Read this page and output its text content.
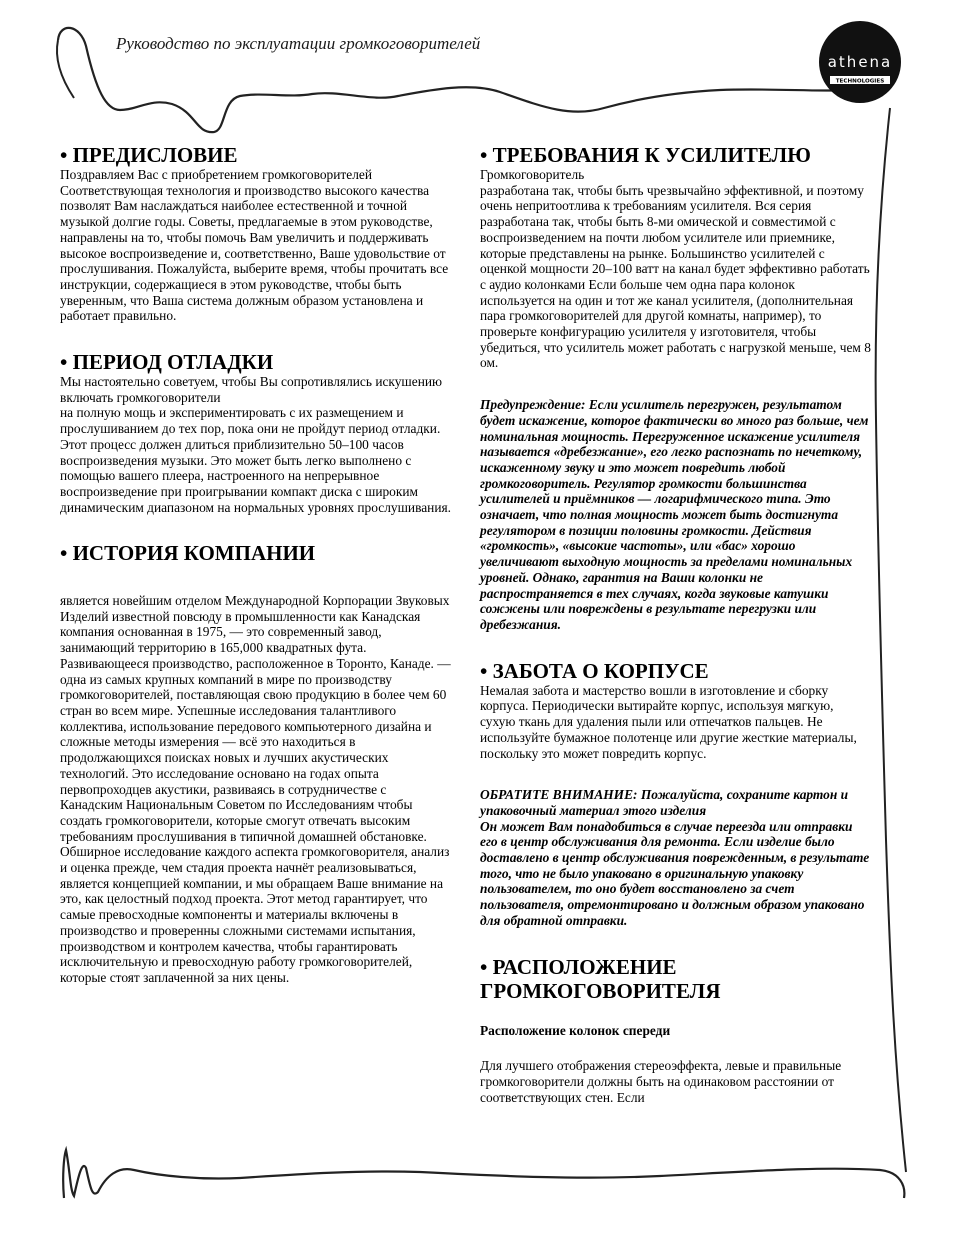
Руководство по эксплуатации громкоговорителей
athena
TECHNOLOGIES
• ПРЕДИСЛОВИЕ

Поздравляем Вас с приобретением громкоговорителей
Соответствующая технология и производство высокого качества позволят Вам наслаждаться наиболее естественной и точной музыкой долгие годы. Советы, предлагаемые в этом руководстве, направлены на то, чтобы помочь Вам увеличить и поддерживать высокое воспроизведение и, соответственно, Ваше удовольствие от прослушивания. Пожалуйста, выберите время, чтобы прочитать все инструкции, содержащиеся в этом руководстве, чтобы быть уверенным, что Ваша система должным образом установлена и работает правильно.

• ПЕРИОД ОТЛАДКИ

Мы настоятельно советуем, чтобы Вы сопротивлялись искушению включать громкоговорители
на полную мощь и экспериментировать с их размещением и прослушиванием до тех пор, пока они не пройдут период отладки. Этот процесс должен длиться приблизительно 50–100 часов воспроизведения музыки. Это может быть легко выполнено с помощью вашего плеера, настроенного на непрерывное воспроизведение при проигрывании компакт диска с широким динамическим диапазоном на нормальных уровнях прослушивания.

• ИСТОРИЯ КОМПАНИИ

является новейшим отделом Международной Корпорации Звуковых Изделий известной повсюду в промышленности как Канадская компания основанная в 1975, — это современный завод, занимающий территорию в 165,000 квадратных фута. Развивающееся производство, расположенное в Торонто, Канаде. — одна из самых крупных компаний в мире по производству громкоговорителей, поставляющая свою продукцию в более чем 60 стран во всем мире. Успешные исследования талантливого коллектива, использование передового компьютерного дизайна и сложные методы измерения — всё это находиться в продолжающихся поисках новых и лучших акустических технологий. Это исследование основано на годах опыта первопроходцев акустики, развиваясь в сотрудничестве с Канадским Национальным Советом по Исследованиям чтобы создать громкоговорители, которые смогут отвечать высоким требованиям прослушивания в типичной домашней обстановке. Обширное исследование каждого аспекта громкоговорителя, анализ и оценка прежде, чем стадия проекта начнёт реализовываться, является концепцией компании, и мы обращаем Ваше внимание на это, как целостный подход проекта. Этот метод гарантирует, что самые превосходные компоненты и материалы включены в производство и проверенны сложными системами испытания, производством и контролем качества, чтобы гарантировать исключительную и превосходную работу громкоговорителей, которые стоят заплаченной за них цены.

• ТРЕБОВАНИЯ К УСИЛИТЕЛЮ

Громкоговоритель
разработана так, чтобы быть чрезвычайно эффективной, и поэтому очень непритоотлива к требованиям усилителя. Вся серия разработана так, чтобы быть 8-ми омической и совместимой с воспроизведением на почти любом усилителе или приемнике, которые представлены на рынке. Большинство усилителей с оценкой мощности 20–100 ватт на канал будет эффективно работать с аудио колонками Если больше чем одна пара колонок используется на один и тот же канал усилителя, (дополнительная пара громкоговорителей для другой комнаты, например), то проверьте конфигурацию усилителя у изготовителя, чтобы убедиться, что усилитель может работать с нагрузкой меньше, чем 8 ом.

Предупреждение: Если усилитель перегружен, результатом будет искажение, которое фактически во много раз больше, чем номинальная мощность. Перегруженное искажение усилителя называется «дребезжание», его легко распознать по нечеткому, искаженному звуку и это может повредить любой громкоговоритель. Регулятор громкости большинства усилителей и приёмников — логарифмического типа. Это означает, что полная мощность может быть достигнута регулятором в позиции половины громкости. Действия «громкость», «высокие частоты», или «бас» хорошо увеличивают выходную мощность за пределами номинальных уровней. Однако, гарантия на Ваши колонки не распространяется в тех случаях, когда звуковые катушки сожжены или повреждены в результате перегрузки или дребезжания.

• ЗАБОТА О КОРПУСЕ

Немалая забота и мастерство вошли в изготовление и сборку корпуса. Периодически вытирайте корпус, используя мягкую, сухую ткань для удаления пыли или отпечатков пальцев. Не используйте бумажное полотенце или другие жесткие материалы, поскольку это может повредить корпус.

ОБРАТИТЕ ВНИМАНИЕ: Пожалуйста, сохраните картон и упаковочный материал этого изделия
Он может Вам понадобиться в случае переезда или отправки его в центр обслуживания для ремонта. Если изделие было доставлено в центр обслуживания поврежденным, в результате того, что не было упаковано в оригинальную упаковку пользователем, то оно будет восстановлено за счет пользователя, отремонтировано и должным образом упаковано для обратной отправки.

• РАСПОЛОЖЕНИЕ
ГРОМКОГОВОРИТЕЛЯ

Расположение колонок спереди

Для лучшего отображения стереоэффекта, левые и правильные громкоговорители должны быть на одинаковом расстоянии от соответствующих стен. Если
